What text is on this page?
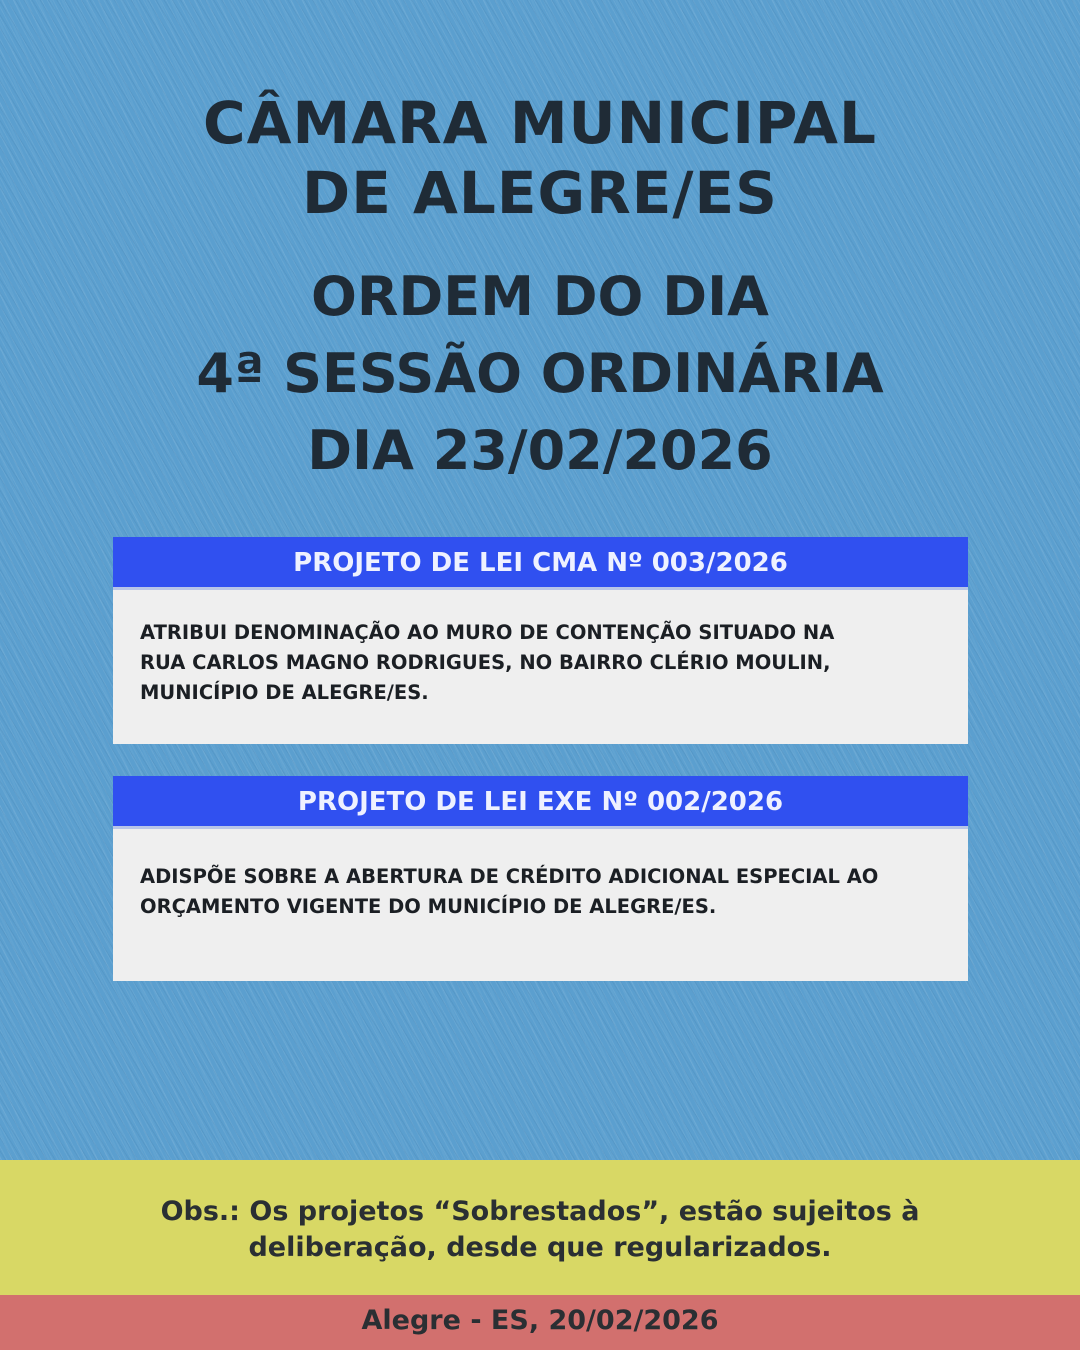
CÂMARA MUNICIPAL
DE ALEGRE/ES
ORDEM DO DIA
4ª SESSÃO ORDINÁRIA
DIA 23/02/2026
PROJETO DE LEI CMA Nº 003/2026
ATRIBUI DENOMINAÇÃO AO MURO DE CONTENÇÃO SITUADO NA
RUA CARLOS MAGNO RODRIGUES, NO BAIRRO CLÉRIO MOULIN,
MUNICÍPIO DE ALEGRE/ES.
PROJETO DE LEI EXE Nº 002/2026
ADISPÕE SOBRE A ABERTURA DE CRÉDITO ADICIONAL ESPECIAL AO
ORÇAMENTO VIGENTE DO MUNICÍPIO DE ALEGRE/ES.
Obs.: Os projetos “Sobrestados”, estão sujeitos à
deliberação, desde que regularizados.
Alegre - ES, 20/02/2026
